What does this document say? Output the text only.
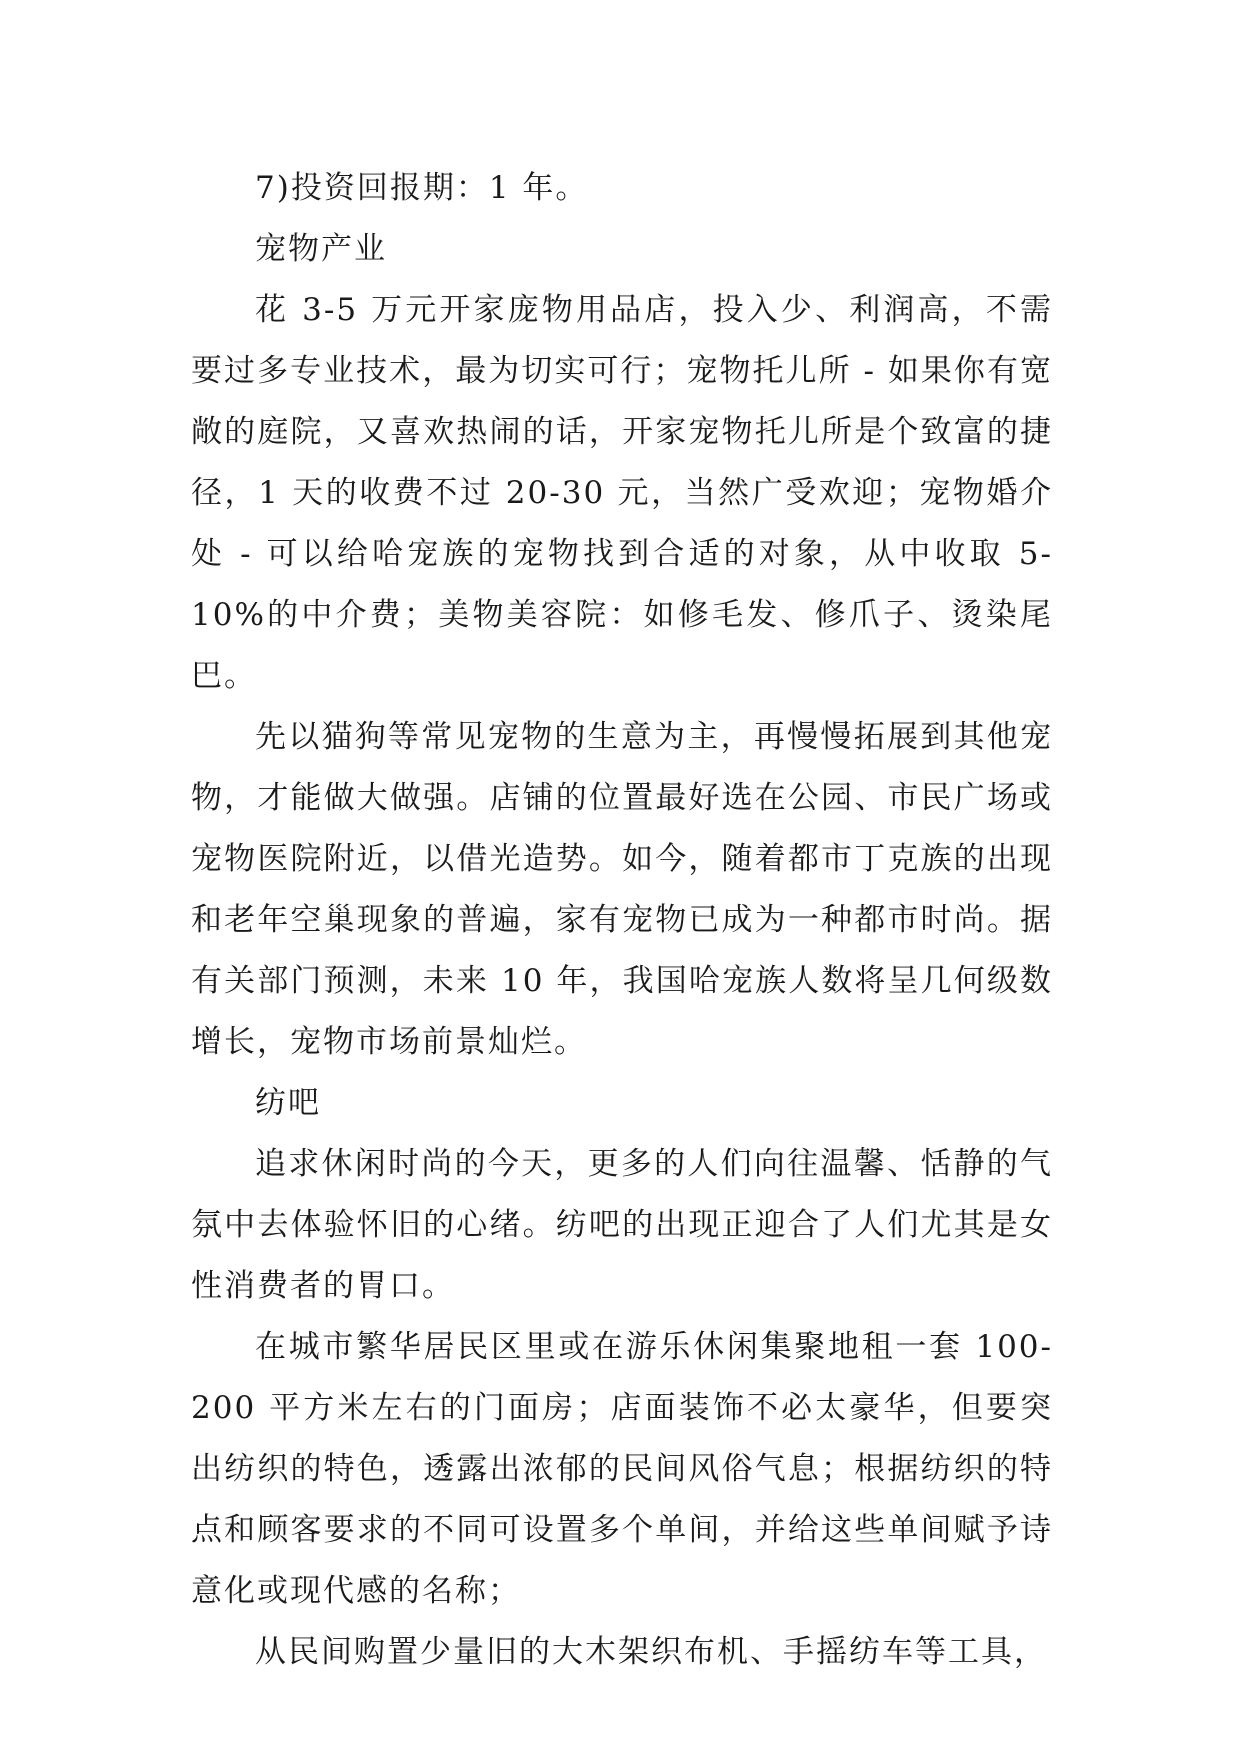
7)投资回报期：1 年。

宠物产业

花 3-5 万元开家庞物用品店，投入少、利润高，不需要过多专业技术，最为切实可行；宠物托儿所 - 如果你有宽敞的庭院，又喜欢热闹的话，开家宠物托儿所是个致富的捷径，1 天的收费不过 20-30 元，当然广受欢迎；宠物婚介处 - 可以给哈宠族的宠物找到合适的对象，从中收取 5-10%的中介费；美物美容院：如修毛发、修爪子、烫染尾巴。

先以猫狗等常见宠物的生意为主，再慢慢拓展到其他宠物，才能做大做强。店铺的位置最好选在公园、市民广场或宠物医院附近，以借光造势。如今，随着都市丁克族的出现和老年空巢现象的普遍，家有宠物已成为一种都市时尚。据有关部门预测，未来 10 年，我国哈宠族人数将呈几何级数增长，宠物市场前景灿烂。

纺吧

追求休闲时尚的今天，更多的人们向往温馨、恬静的气氛中去体验怀旧的心绪。纺吧的出现正迎合了人们尤其是女性消费者的胃口。

在城市繁华居民区里或在游乐休闲集聚地租一套 100-200 平方米左右的门面房；店面装饰不必太豪华，但要突出纺织的特色，透露出浓郁的民间风俗气息；根据纺织的特点和顾客要求的不同可设置多个单间，并给这些单间赋予诗意化或现代感的名称；

从民间购置少量旧的大木架织布机、手摇纺车等工具，
